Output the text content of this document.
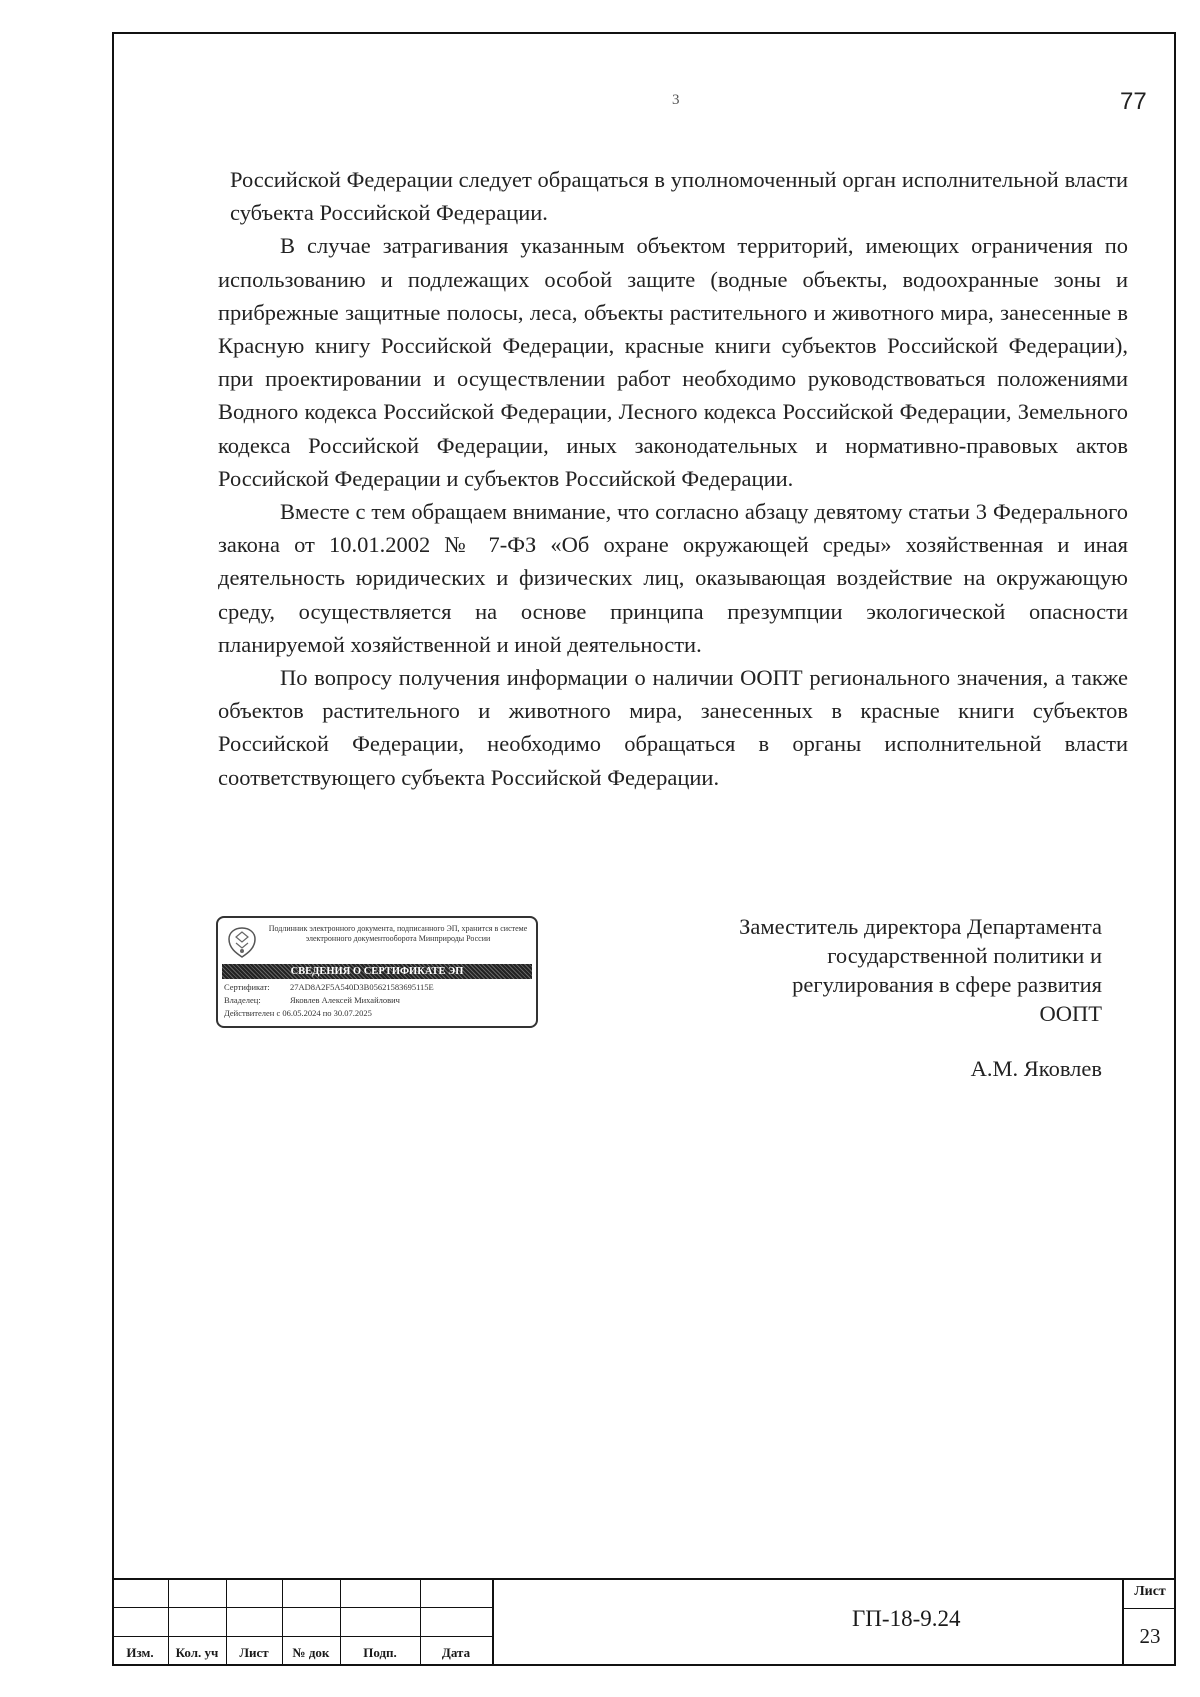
3	77

Российской Федерации следует обращаться в уполномоченный орган исполнительной власти субъекта Российской Федерации.

В случае затрагивания указанным объектом территорий, имеющих ограничения по использованию и подлежащих особой защите (водные объекты, водоохранные зоны и прибрежные защитные полосы, леса, объекты растительного и животного мира, занесенные в Красную книгу Российской Федерации, красные книги субъектов Российской Федерации), при проектировании и осуществлении работ необходимо руководствоваться положениями Водного кодекса Российской Федерации, Лесного кодекса Российской Федерации, Земельного кодекса Российской Федерации, иных законодательных и нормативно-правовых актов Российской Федерации и субъектов Российской Федерации.

Вместе с тем обращаем внимание, что согласно абзацу девятому статьи 3 Федерального закона от 10.01.2002 № 7-ФЗ «Об охране окружающей среды» хозяйственная и иная деятельность юридических и физических лиц, оказывающая воздействие на окружающую среду, осуществляется на основе принципа презумпции экологической опасности планируемой хозяйственной и иной деятельности.

По вопросу получения информации о наличии ООПТ регионального значения, а также объектов растительного и животного мира, занесенных в красные книги субъектов Российской Федерации, необходимо обращаться в органы исполнительной власти соответствующего субъекта Российской Федерации.

Подлинник электронного документа, подписанного ЭП, хранится в системе электронного документооборота Минприроды России
СВЕДЕНИЯ О СЕРТИФИКАТЕ ЭП
Сертификат: 27AD8A2F5A540D3B05621583695115E
Владелец:	Яковлев Алексей Михайлович
Действителен с 06.05.2024 по 30.07.2025
Заместитель директора Департамента
государственной политики и
регулирования в сфере развития
ООПТ
А.М. Яковлев
Изм.	Кол. уч	Лист	№ док	Подп.	Дата
ГП-18-9.24
Лист
23
